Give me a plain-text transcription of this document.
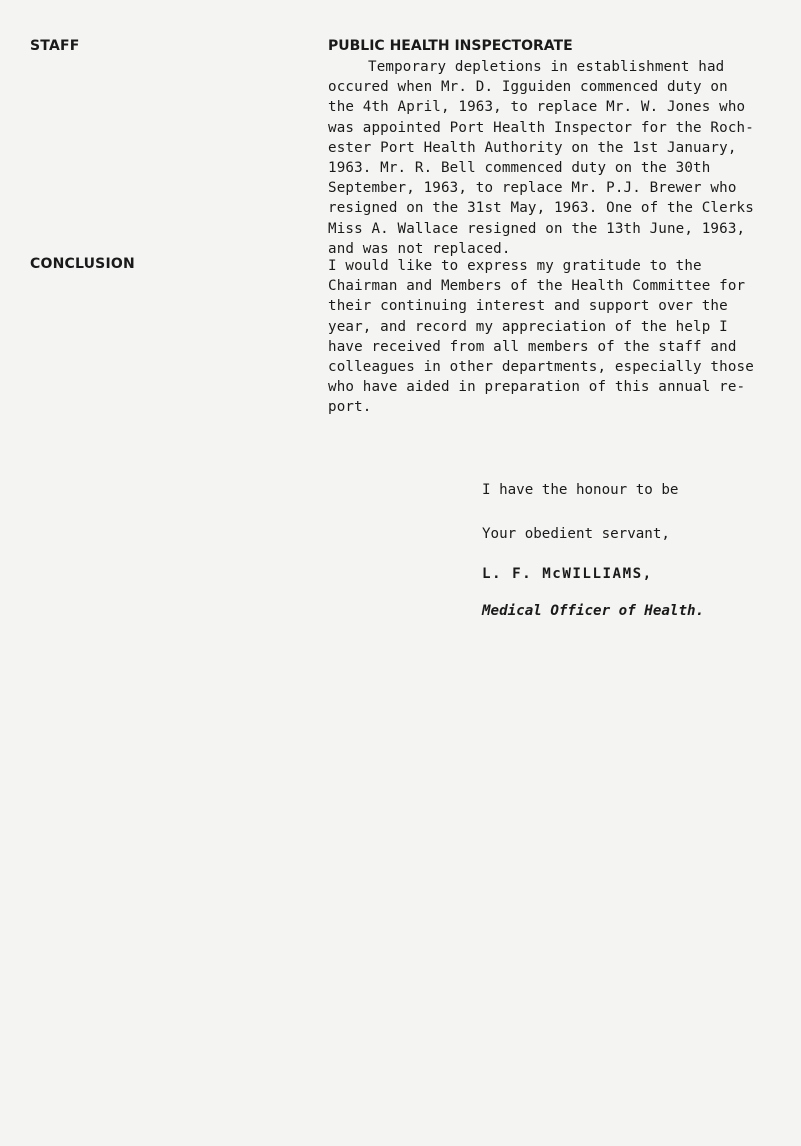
STAFF	PUBLIC HEALTH INSPECTORATE
Temporary depletions in establishment had
occured when Mr. D. Igguiden commenced duty on
the 4th April, 1963, to replace Mr. W. Jones who
was appointed Port Health Inspector for the Roch-
ester Port Health Authority on the 1st January,
1963. Mr. R. Bell commenced duty on the 30th
September, 1963, to replace Mr. P.J. Brewer who
resigned on the 31st May, 1963. One of the Clerks
Miss A. Wallace resigned on the 13th June, 1963,
and was not replaced.
CONCLUSION	I would like to express my gratitude to the
Chairman and Members of the Health Committee for
their continuing interest and support over the
year, and record my appreciation of the help I
have received from all members of the staff and
colleagues in other departments, especially those
who have aided in preparation of this annual re-
port.

I have the honour to be

Your obedient servant,

L. F. McWILLIAMS,

Medical Officer of Health.
